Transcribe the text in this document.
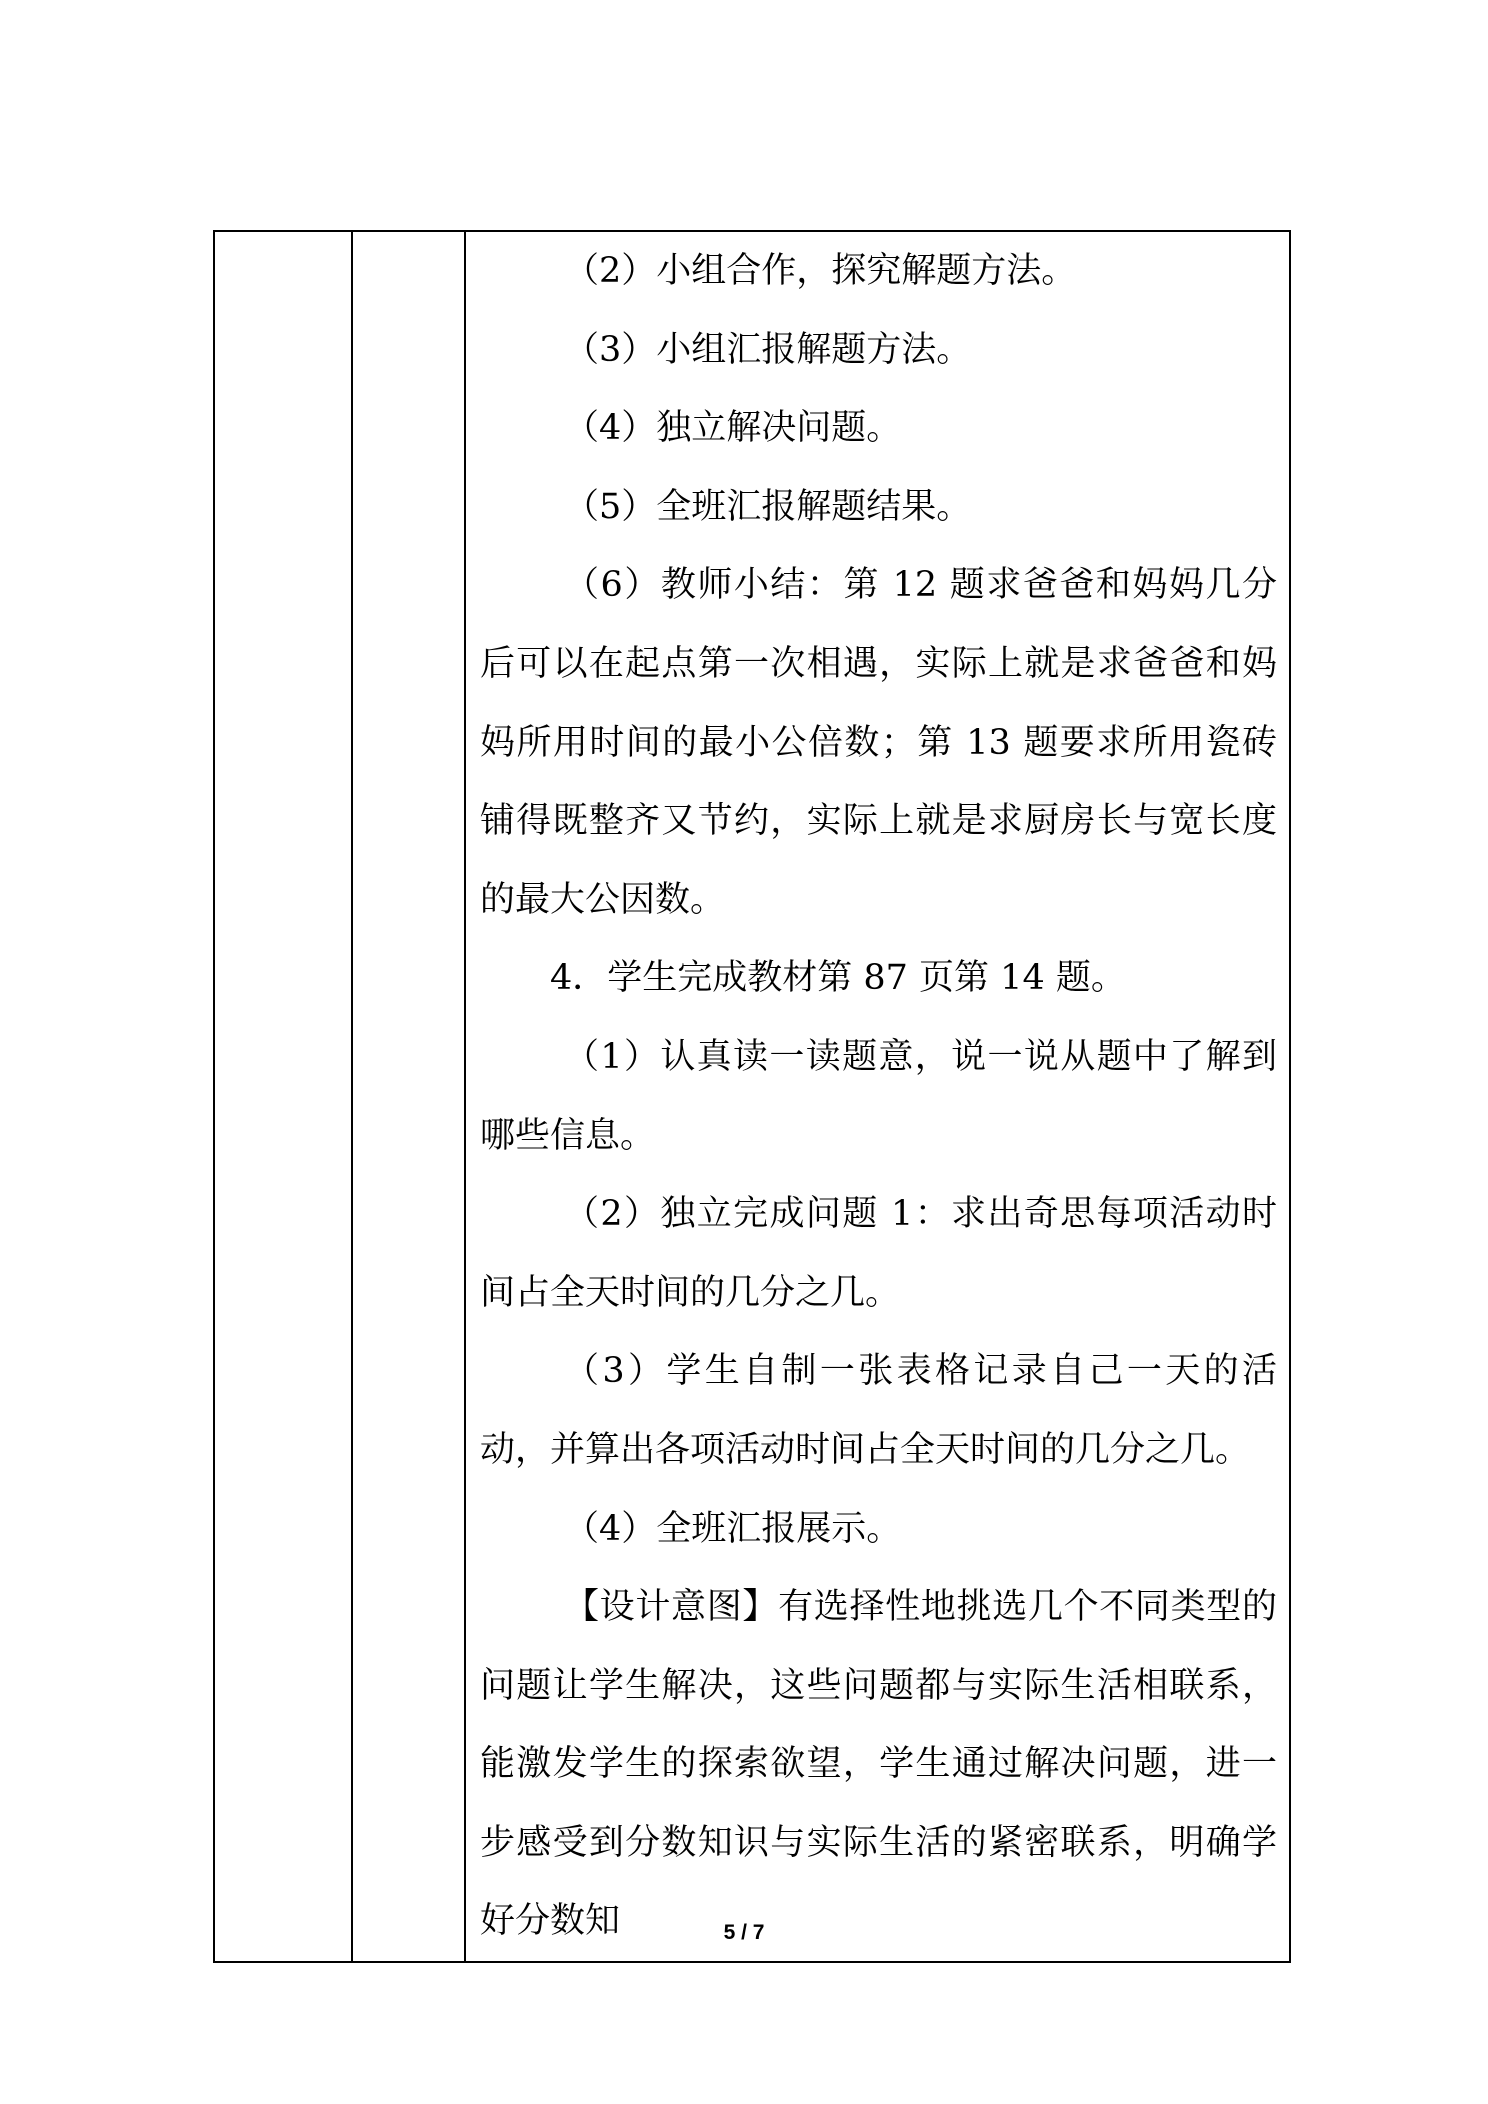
（2）小组合作，探究解题方法。

（3）小组汇报解题方法。

（4）独立解决问题。

（5）全班汇报解题结果。

（6）教师小结：第 12 题求爸爸和妈妈几分后可以在起点第一次相遇，实际上就是求爸爸和妈妈所用时间的最小公倍数；第 13 题要求所用瓷砖铺得既整齐又节约，实际上就是求厨房长与宽长度的最大公因数。

4．学生完成教材第 87 页第 14 题。

（1）认真读一读题意，说一说从题中了解到哪些信息。

（2）独立完成问题 1：求出奇思每项活动时间占全天时间的几分之几。

（3）学生自制一张表格记录自己一天的活动，并算出各项活动时间占全天时间的几分之几。

（4）全班汇报展示。

【设计意图】有选择性地挑选几个不同类型的问题让学生解决，这些问题都与实际生活相联系，能激发学生的探索欲望，学生通过解决问题，进一步感受到分数知识与实际生活的紧密联系，明确学好分数知	5 / 7
